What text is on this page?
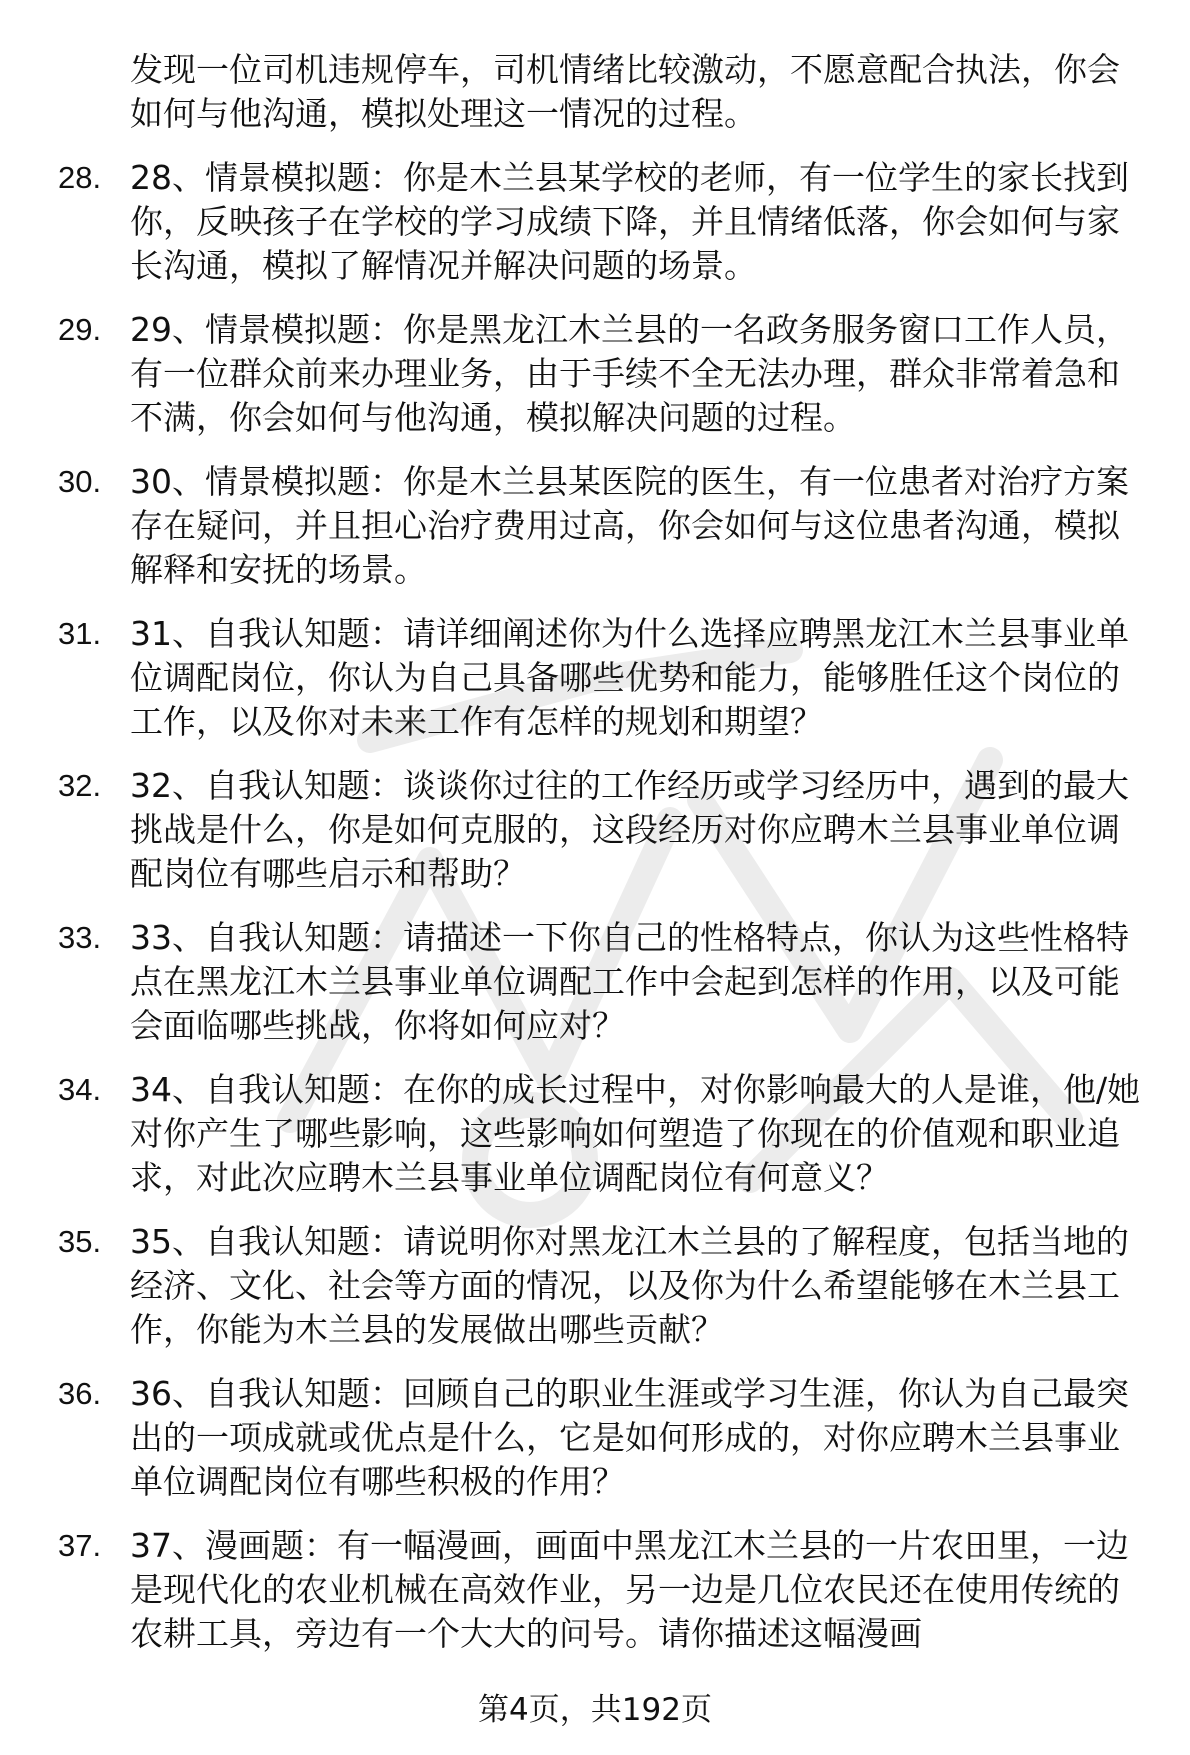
发现一位司机违规停车，司机情绪比较激动，不愿意配合执法，你会如何与他沟通，模拟处理这一情况的过程。
28. 28、情景模拟题：你是木兰县某学校的老师，有一位学生的家长找到你，反映孩子在学校的学习成绩下降，并且情绪低落，你会如何与家长沟通，模拟了解情况并解决问题的场景。
29. 29、情景模拟题：你是黑龙江木兰县的一名政务服务窗口工作人员，有一位群众前来办理业务，由于手续不全无法办理，群众非常着急和不满，你会如何与他沟通，模拟解决问题的过程。
30. 30、情景模拟题：你是木兰县某医院的医生，有一位患者对治疗方案存在疑问，并且担心治疗费用过高，你会如何与这位患者沟通，模拟解释和安抚的场景。
31. 31、自我认知题：请详细阐述你为什么选择应聘黑龙江木兰县事业单位调配岗位，你认为自己具备哪些优势和能力，能够胜任这个岗位的工作，以及你对未来工作有怎样的规划和期望？
32. 32、自我认知题：谈谈你过往的工作经历或学习经历中，遇到的最大挑战是什么，你是如何克服的，这段经历对你应聘木兰县事业单位调配岗位有哪些启示和帮助？
33. 33、自我认知题：请描述一下你自己的性格特点，你认为这些性格特点在黑龙江木兰县事业单位调配工作中会起到怎样的作用，以及可能会面临哪些挑战，你将如何应对？
34. 34、自我认知题：在你的成长过程中，对你影响最大的人是谁，他/她对你产生了哪些影响，这些影响如何塑造了你现在的价值观和职业追求，对此次应聘木兰县事业单位调配岗位有何意义？
35. 35、自我认知题：请说明你对黑龙江木兰县的了解程度，包括当地的经济、文化、社会等方面的情况，以及你为什么希望能够在木兰县工作，你能为木兰县的发展做出哪些贡献？
36. 36、自我认知题：回顾自己的职业生涯或学习生涯，你认为自己最突出的一项成就或优点是什么，它是如何形成的，对你应聘木兰县事业单位调配岗位有哪些积极的作用？
37. 37、漫画题：有一幅漫画，画面中黑龙江木兰县的一片农田里，一边是现代化的农业机械在高效作业，另一边是几位农民还在使用传统的农耕工具，旁边有一个大大的问号。请你描述这幅漫画
第4页，共192页
